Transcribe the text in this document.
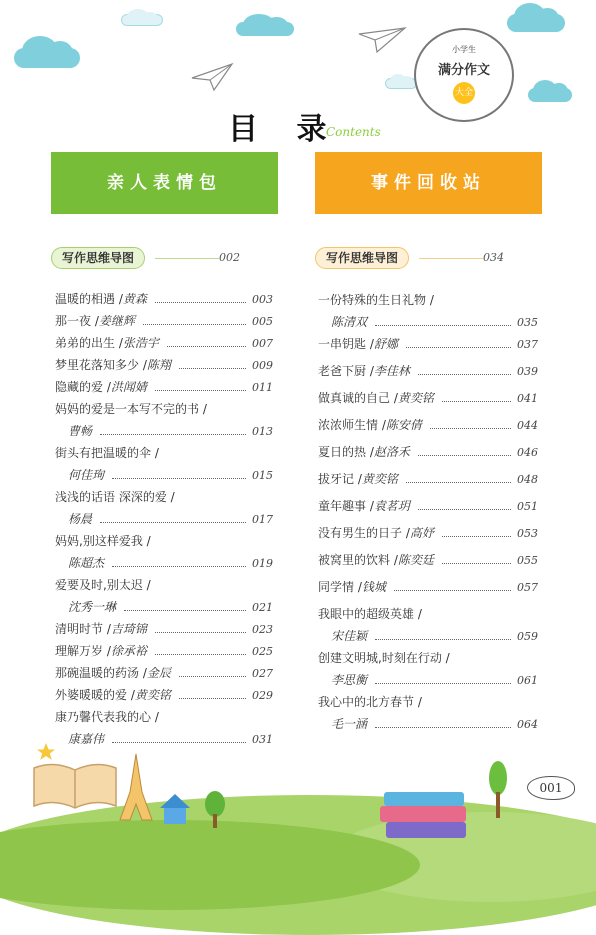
小学生
满分作文
大全
目 录
Contents
亲人表情包	事件回收站
写作思维导图	002	写作思维导图	034
温暖的相遇 / 黄森	003
那一夜 / 姜继辉	005
弟弟的出生 / 张浩宇	007
梦里花落知多少 / 陈翔	009
隐藏的爱 / 洪闻婧	011
妈妈的爱是一本写不完的书 /
曹畅	013
街头有把温暖的伞 /
何佳珣	015
浅浅的话语 深深的爱 /
杨晨	017
妈妈,别这样爱我 /
陈超杰	019
爱要及时,别太迟 /
沈秀一琳	021
清明时节 / 吉琦锦	023
理解万岁 / 徐承裕	025
那碗温暖的药汤 / 金辰	027
外婆暖暖的爱 / 黄奕铭	029
康乃馨代表我的心 /
康嘉伟	031
一份特殊的生日礼物 /
陈清双	035
一串钥匙 / 舒娜	037
老爸下厨 / 李佳林	039
做真诚的自己 / 黄奕铭	041
浓浓师生情 / 陈安倩	044
夏日的热 / 赵洛禾	046
拔牙记 / 黄奕铭	048
童年趣事 / 袁茗玥	051
没有男生的日子 / 高妤	053
被窝里的饮料 / 陈奕廷	055
同学情 / 钱城	057
我眼中的超级英雄 /
宋佳颖	059
创建文明城,时刻在行动 /
李思衡	061
我心中的北方春节 /
毛一涵	064
001
